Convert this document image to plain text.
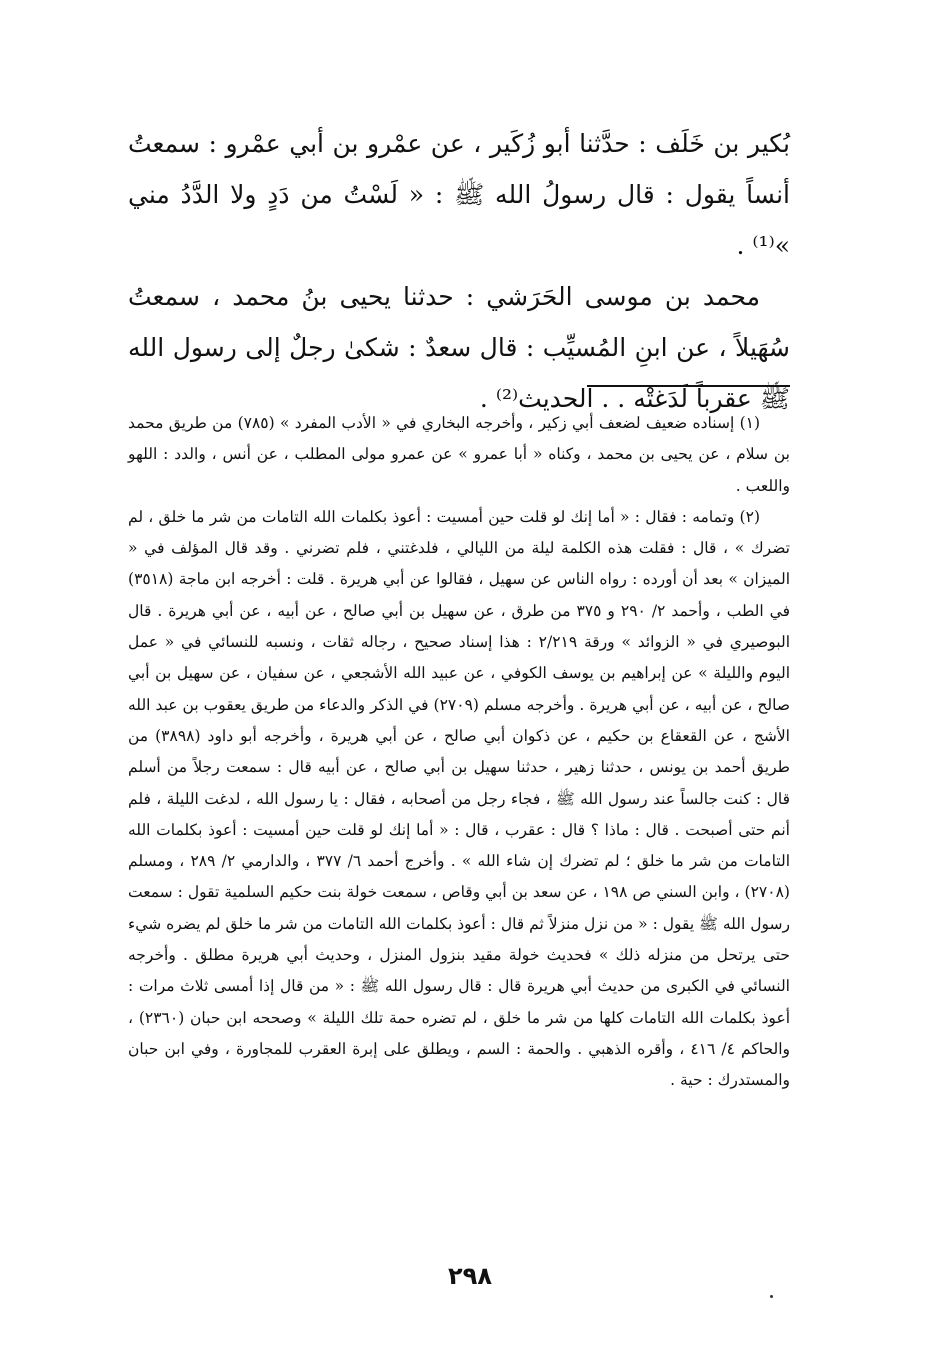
بُكير بن خَلَف : حدَّثنا أبو زُكَير ، عن عمْرو بن أبي عمْرو : سمعتُ أنساً يقول : قال رسولُ الله ﷺ : « لَسْتُ من دَدٍ ولا الدَّدُ مني »⁽¹⁾ .

محمد بن موسى الحَرَشي : حدثنا يحيى بنُ محمد ، سمعتُ سُهَيلاً ، عن ابنِ المُسيِّب : قال سعدٌ : شكىٰ رجلٌ إلى رسول الله ﷺ عقرباً لَدَغتْه . . الحديث⁽²⁾ .

(١) إسناده ضعيف لضعف أبي زكير ، وأخرجه البخاري في « الأدب المفرد » (٧٨٥) من طريق محمد بن سلام ، عن يحيى بن محمد ، وكناه « أبا عمرو » عن عمرو مولى المطلب ، عن أنس ، والدد : اللهو واللعب .

(٢) وتمامه : فقال : « أما إنك لو قلت حين أمسيت : أعوذ بكلمات الله التامات من شر ما خلق ، لم تضرك » ، قال : فقلت هذه الكلمة ليلة من الليالي ، فلدغتني ، فلم تضرني . وقد قال المؤلف في « الميزان » بعد أن أورده : رواه الناس عن سهيل ، فقالوا عن أبي هريرة . قلت : أخرجه ابن ماجة (٣٥١٨) في الطب ، وأحمد ٢/ ٢٩٠ و ٣٧٥ من طرق ، عن سهيل بن أبي صالح ، عن أبيه ، عن أبي هريرة . قال البوصيري في « الزوائد » ورقة ٢/٢١٩ : هذا إسناد صحيح ، رجاله ثقات ، ونسبه للنسائي في « عمل اليوم والليلة » عن إبراهيم بن يوسف الكوفي ، عن عبيد الله الأشجعي ، عن سفيان ، عن سهيل بن أبي صالح ، عن أبيه ، عن أبي هريرة . وأخرجه مسلم (٢٧٠٩) في الذكر والدعاء من طريق يعقوب بن عبد الله الأشج ، عن القعقاع بن حكيم ، عن ذكوان أبي صالح ، عن أبي هريرة ، وأخرجه أبو داود (٣٨٩٨) من طريق أحمد بن يونس ، حدثنا زهير ، حدثنا سهيل بن أبي صالح ، عن أبيه قال : سمعت رجلاً من أسلم قال : كنت جالساً عند رسول الله ﷺ ، فجاء رجل من أصحابه ، فقال : يا رسول الله ، لدغت الليلة ، فلم أنم حتى أصبحت . قال : ماذا ؟ قال : عقرب ، قال : « أما إنك لو قلت حين أمسيت : أعوذ بكلمات الله التامات من شر ما خلق ؛ لم تضرك إن شاء الله » . وأخرج أحمد ٦/ ٣٧٧ ، والدارمي ٢/ ٢٨٩ ، ومسلم (٢٧٠٨) ، وابن السني ص ١٩٨ ، عن سعد بن أبي وقاص ، سمعت خولة بنت حكيم السلمية تقول : سمعت رسول الله ﷺ يقول : « من نزل منزلاً ثم قال : أعوذ بكلمات الله التامات من شر ما خلق لم يضره شيء حتى يرتحل من منزله ذلك » فحديث خولة مقيد بنزول المنزل ، وحديث أبي هريرة مطلق . وأخرجه النسائي في الكبرى من حديث أبي هريرة قال : قال رسول الله ﷺ : « من قال إذا أمسى ثلاث مرات : أعوذ بكلمات الله التامات كلها من شر ما خلق ، لم تضره حمة تلك الليلة » وصححه ابن حبان (٢٣٦٠) ، والحاكم ٤/ ٤١٦ ، وأقره الذهبي . والحمة : السم ، ويطلق على إبرة العقرب للمجاورة ، وفي ابن حبان والمستدرك : حية .

٢٩٨
